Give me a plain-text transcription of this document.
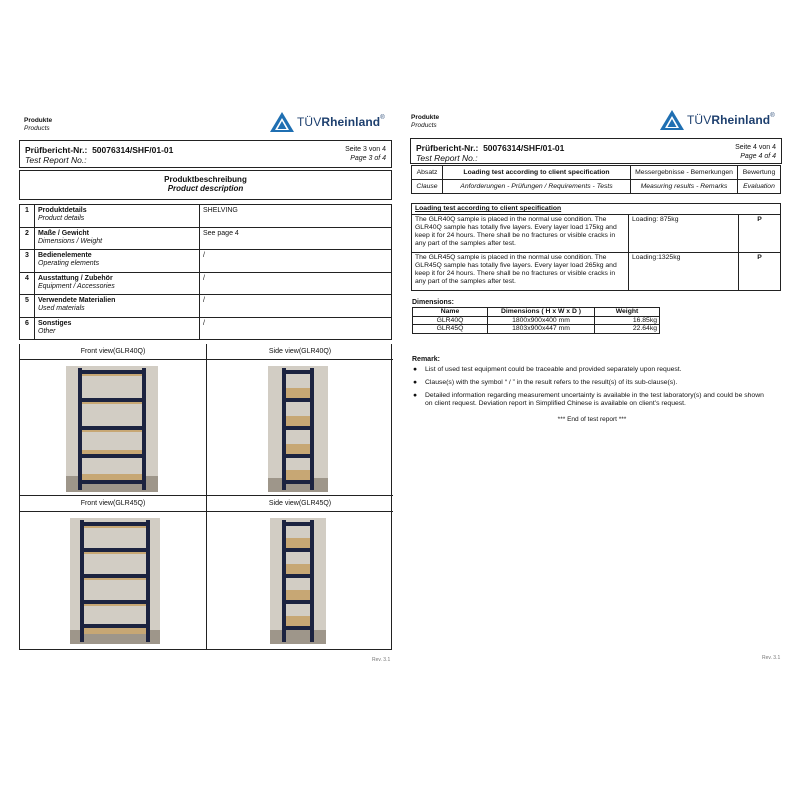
Produkte
Products	TÜVRheinland®
Prüfbericht-Nr.: 50076314/SHF/01-01
Test Report No.:
Seite 3 von 4
Page 3 of 4
Produktbeschreibung
Product description
1	Produktdetails
Product details	SHELVING
2	Maße / Gewicht
Dimensions / Weight	See page 4
3	Bedienelemente
Operating elements	/
4	Ausstattung / Zubehör
Equipment / Accessories	/
5	Verwendete Materialien
Used materials	/
6	Sonstiges
Other	/
Front view(GLR40Q)	Side view(GLR40Q)
Front view(GLR45Q)	Side view(GLR45Q)
Rev. 3.1
Produkte
Products	TÜVRheinland®
Prüfbericht-Nr.: 50076314/SHF/01-01
Test Report No.:
Seite 4 von 4
Page 4 of 4
Absatz	Loading test according to client specification	Messergebnisse - Bemerkungen	Bewertung
Clause	Anforderungen - Prüfungen / Requirements - Tests	Measuring results - Remarks	Evaluation
Loading test according to client specification		
The GLR40Q sample is placed in the normal use condition. The GLR40Q sample has totally five layers. Every layer load 175kg and keep it for 24 hours. There shall be no fractures or visible cracks in any part of the samples after test.	Loading: 875kg	P
The GLR45Q sample is placed in the normal use condition. The GLR45Q sample has totally five layers. Every layer load 265kg and keep it for 24 hours. There shall be no fractures or visible cracks in any part of the samples after test.	Loading:1325kg	P
Dimensions:
Name	Dimensions ( H x W x D )	Weight
GLR40Q	1800x900x400 mm	16.85kg
GLR45Q	1803x900x447 mm	22.64kg
Remark:
● List of used test equipment could be traceable and provided separately upon request.
● Clause(s) with the symbol “ / ” in the result refers to the result(s) of its sub-clause(s).
● Detailed information regarding measurement uncertainty is available in the test laboratory(s) and could be shown on client request. Deviation report in Simplified Chinese is available on client’s request.
*** End of test report ***
Rev. 3.1
